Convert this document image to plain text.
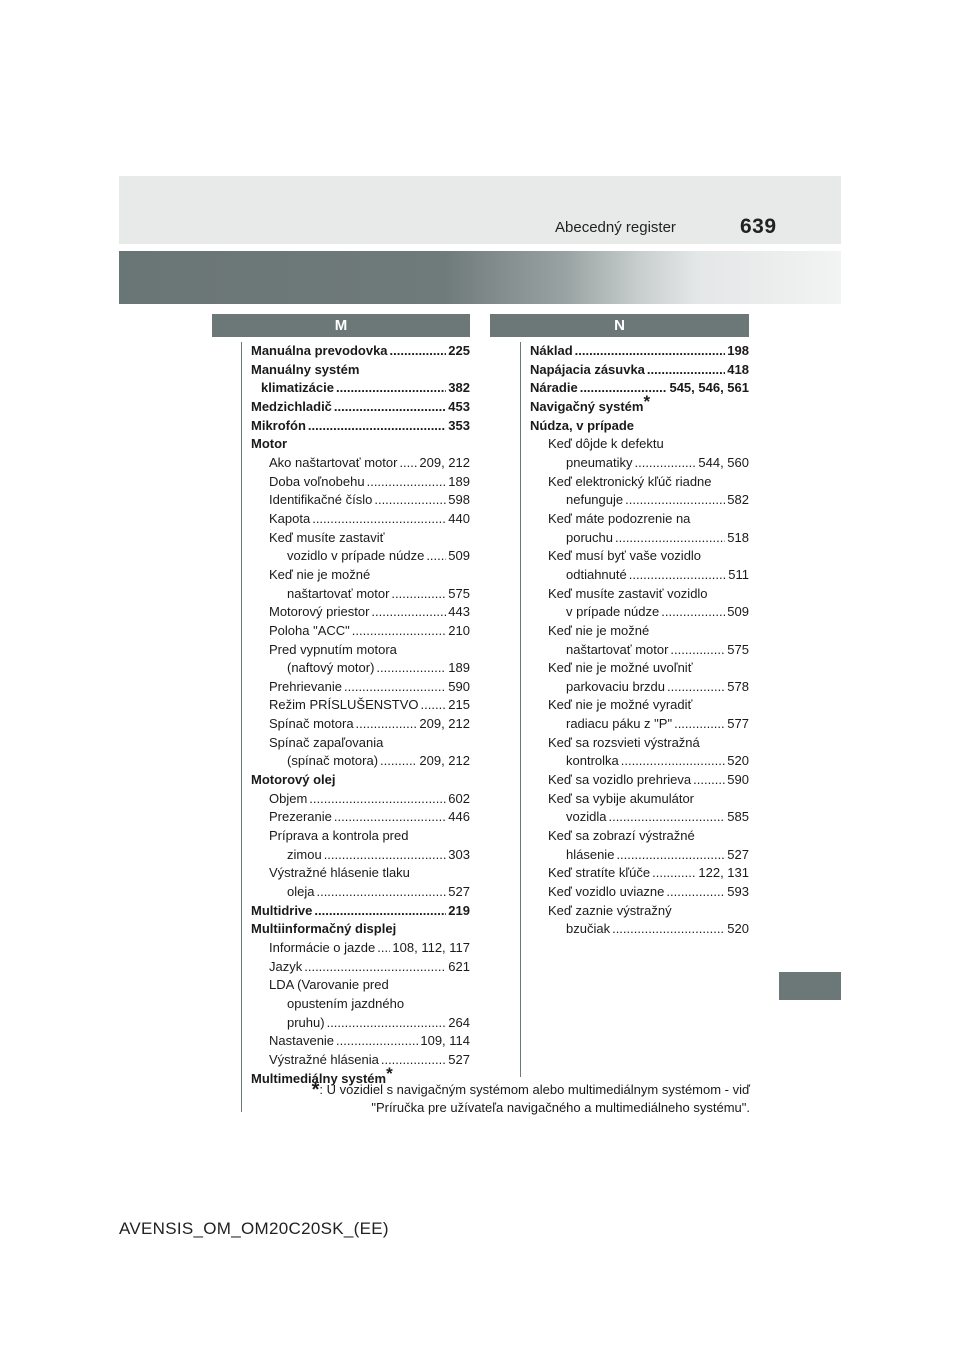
Abecedný register	639
M	N
Manuálna prevodovka .....	225
Manuálny systém
klimatizácie .....	382
Medzichladič .....	453
Mikrofón .....	353
Motor
Ako naštartovať motor ..... 209, 212
Doba voľnobehu .....	189
Identifikačné číslo .....	598
Kapota .....	440
Keď musíte zastaviť
vozidlo v prípade núdze ..... 509
Keď nie je možné
naštartovať motor .....	575
Motorový priestor .....	443
Poloha "ACC" .....	210
Pred vypnutím motora
(naftový motor) .....	189
Prehrievanie .....	590
Režim PRÍSLUŠENSTVO ..... 215
Spínač motora .....	209, 212
Spínač zapaľovania
(spínač motora) .....	209, 212
Motorový olej
Objem .....	602
Prezeranie .....	446
Príprava a kontrola pred
zimou .....	303
Výstražné hlásenie tlaku
oleja .....	527
Multidrive .....	219
Multiinformačný displej
Informácie o jazde ..... 108, 112, 117
Jazyk .....	621
LDA (Varovanie pred
opustením jazdného
pruhu) .....	264
Nastavenie .....	109, 114
Výstražné hlásenia .....	527
Multimediálny systém*
Náklad .....	198
Napájacia zásuvka .....	418
Náradie .....	545, 546, 561
Navigačný systém*
Núdza, v prípade
Keď dôjde k defektu
pneumatiky .....	544, 560
Keď elektronický kľúč riadne
nefunguje .....	582
Keď máte podozrenie na
poruchu .....	518
Keď musí byť vaše vozidlo
odtiahnuté .....	511
Keď musíte zastaviť vozidlo
v prípade núdze .....	509
Keď nie je možné
naštartovať motor .....	575
Keď nie je možné uvoľniť
parkovaciu brzdu .....	578
Keď nie je možné vyradiť
radiacu páku z "P" .....	577
Keď sa rozsvieti výstražná
kontrolka .....	520
Keď sa vozidlo prehrieva .....	590
Keď sa vybije akumulátor
vozidla .....	585
Keď sa zobrazí výstražné
hlásenie .....	527
Keď stratíte kľúče .....	122, 131
Keď vozidlo uviazne .....	593
Keď zaznie výstražný
bzučiak .....	520
*: U vozidiel s navigačným systémom alebo multimediálnym systémom - viď
"Príručka pre užívateľa navigačného a multimediálneho systému".
AVENSIS_OM_OM20C20SK_(EE)
